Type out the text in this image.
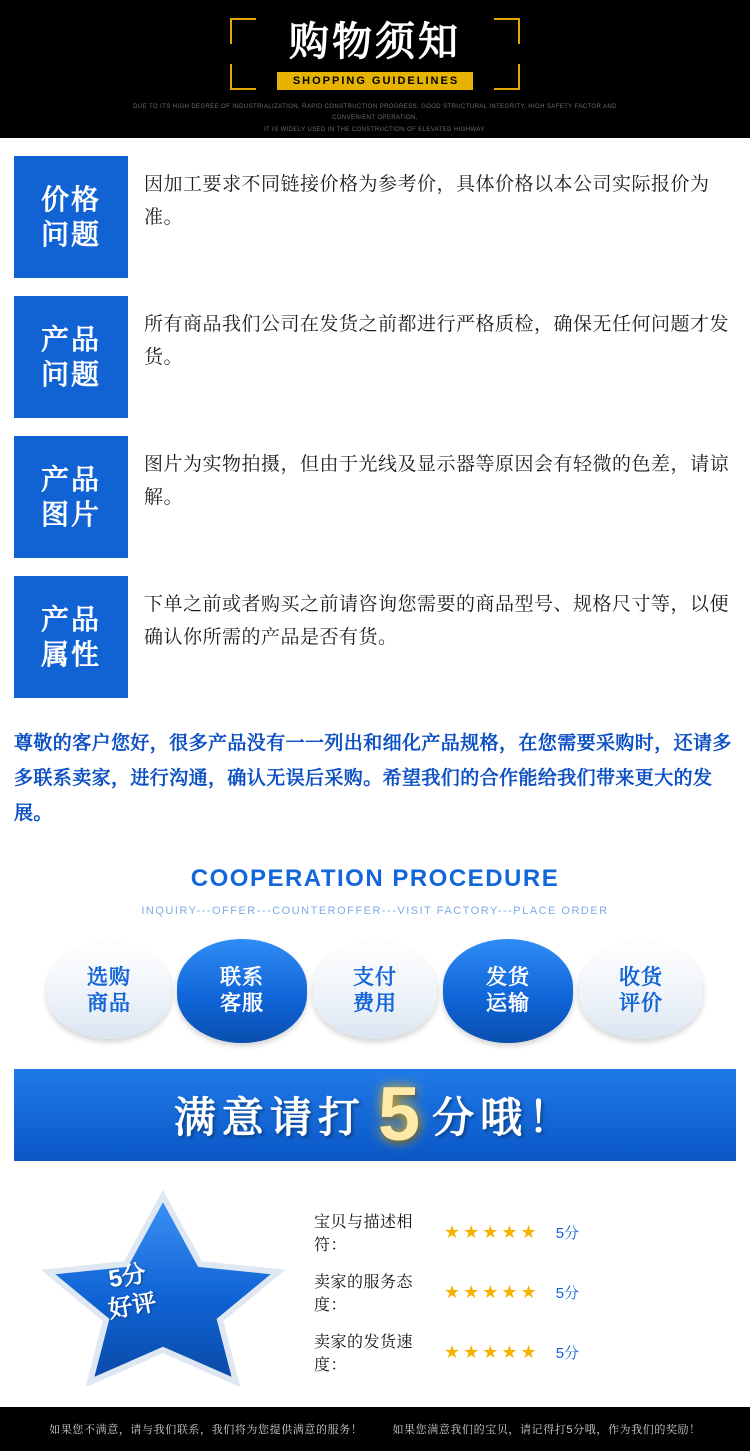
购物须知
SHOPPING GUIDELINES
DUE TO ITS HIGH DEGREE OF INDUSTRIALIZATION, RAPID CONSTRUCTION PROGRESS, GOOD STRUCTURAL INTEGRITY, HIGH SAFETY FACTOR AND CONVENIENT OPERATION,
IT IS WIDELY USED IN THE CONSTRUCTION OF ELEVATED HIGHWAY.
价格
问题
因加工要求不同链接价格为参考价，具体价格以本公司实际报价为准。
产品
问题
所有商品我们公司在发货之前都进行严格质检，确保无任何问题才发货。
产品
图片
图片为实物拍摄，但由于光线及显示器等原因会有轻微的色差，请谅解。
产品
属性
下单之前或者购买之前请咨询您需要的商品型号、规格尺寸等，以便确认你所需的产品是否有货。
尊敬的客户您好，很多产品没有一一列出和细化产品规格，在您需要采购时，还请多多联系卖家，进行沟通，确认无误后采购。希望我们的合作能给我们带来更大的发展。
COOPERATION PROCEDURE
INQUIRY---OFFER---COUNTEROFFER---VISIT FACTORY---PLACE ORDER
选购
商品
联系
客服
支付
费用
发货
运输
收货
评价
满意请打 5 分哦！
5分
好评
宝贝与描述相符：
★★★★★ 5分
卖家的服务态度：
★★★★★ 5分
卖家的发货速度：
★★★★★ 5分
如果您不满意，请与我们联系，我们将为您提供满意的服务！	如果您满意我们的宝贝，请记得打5分哦，作为我们的奖励！
